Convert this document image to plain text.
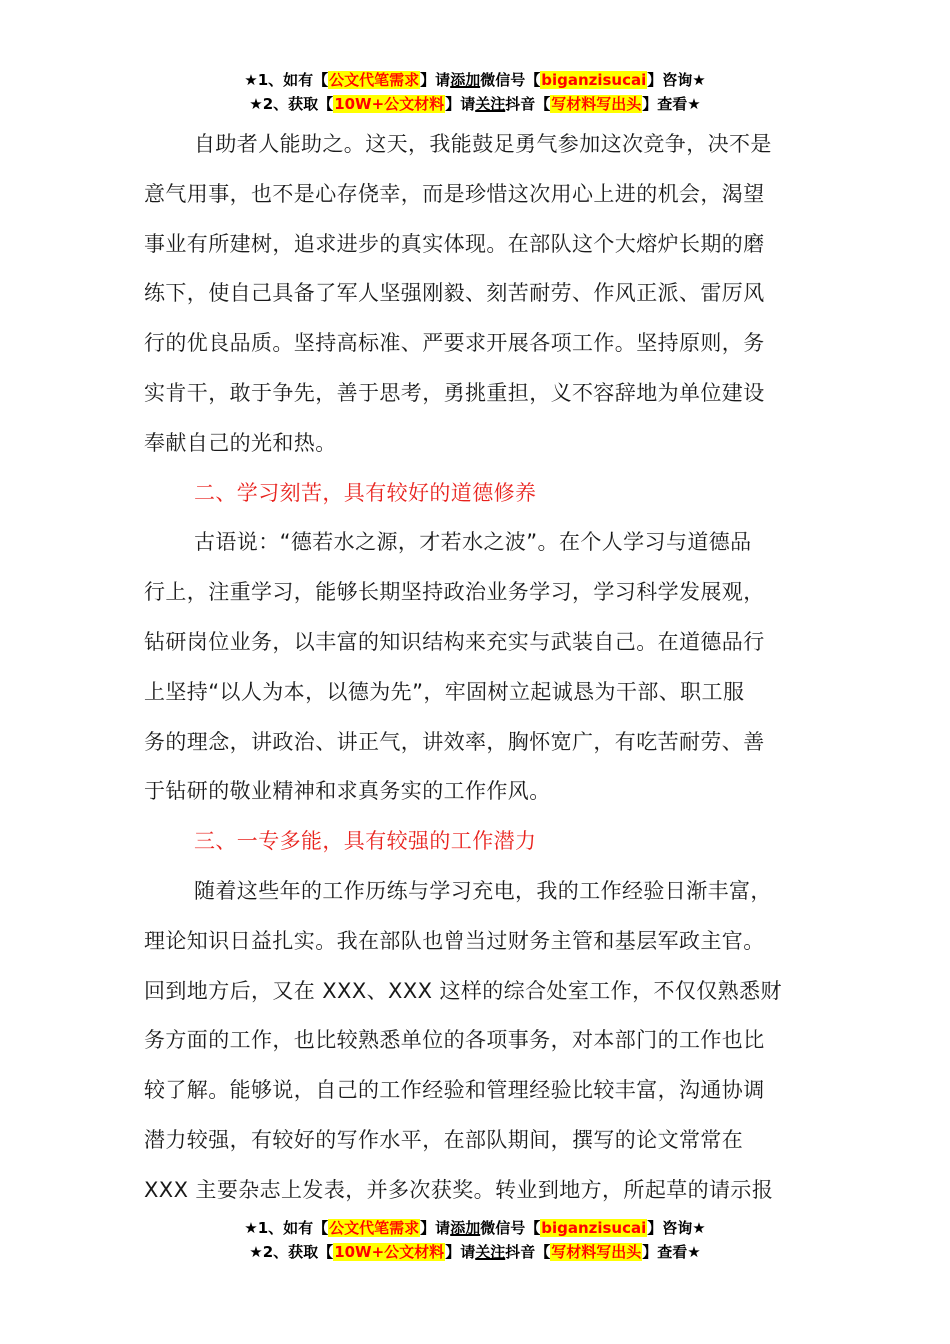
★1、如有【公文代笔需求】请添加微信号【biganzisucai】咨询★
★2、获取【10W+公文材料】请关注抖音【写材料写出头】查看★
自助者人能助之。这天，我能鼓足勇气参加这次竞争，决不是
意气用事，也不是心存侥幸，而是珍惜这次用心上进的机会，渴望
事业有所建树，追求进步的真实体现。在部队这个大熔炉长期的磨
练下，使自己具备了军人坚强刚毅、刻苦耐劳、作风正派、雷厉风
行的优良品质。坚持高标准、严要求开展各项工作。坚持原则，务
实肯干，敢于争先，善于思考，勇挑重担，义不容辞地为单位建设
奉献自己的光和热。
二、学习刻苦，具有较好的道德修养
古语说：“德若水之源，才若水之波”。在个人学习与道德品
行上，注重学习，能够长期坚持政治业务学习，学习科学发展观，
钻研岗位业务，以丰富的知识结构来充实与武装自己。在道德品行
上坚持“以人为本，以德为先”，牢固树立起诚恳为干部、职工服
务的理念，讲政治、讲正气，讲效率，胸怀宽广，有吃苦耐劳、善
于钻研的敬业精神和求真务实的工作作风。
三、一专多能，具有较强的工作潜力
随着这些年的工作历练与学习充电，我的工作经验日渐丰富，
理论知识日益扎实。我在部队也曾当过财务主管和基层军政主官。
回到地方后，又在 XXX、XXX 这样的综合处室工作，不仅仅熟悉财
务方面的工作，也比较熟悉单位的各项事务，对本部门的工作也比
较了解。能够说，自己的工作经验和管理经验比较丰富，沟通协调
潜力较强，有较好的写作水平，在部队期间，撰写的论文常常在
XXX 主要杂志上发表，并多次获奖。转业到地方，所起草的请示报
★1、如有【公文代笔需求】请添加微信号【biganzisucai】咨询★
★2、获取【10W+公文材料】请关注抖音【写材料写出头】查看★
